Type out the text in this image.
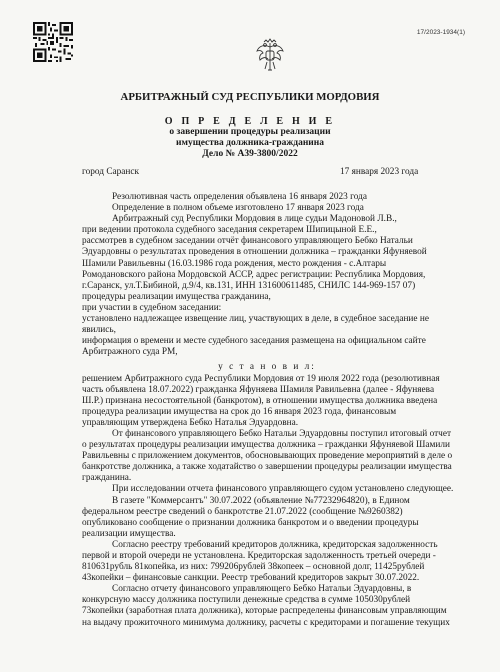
17/2023-1934(1)
АРБИТРАЖНЫЙ СУД РЕСПУБЛИКИ МОРДОВИЯ
О П Р Е Д Е Л Е Н И Е
о завершении процедуры реализации
имущества должника-гражданина
Дело № А39-3800/2022
город Саранск	17 января 2023 года
Резолютивная часть определения объявлена 16 января 2023 года
Определение в полном объеме изготовлено 17 января 2023 года
Арбитражный суд Республики Мордовия в лице судьи Мадоновой Л.В.,
при ведении протокола судебного заседания секретарем Шипицыной Е.Е.,
рассмотрев в судебном заседании отчёт финансового управляющего Бебко Натальи
Эдуардовны о результатах проведения в отношении должника – гражданки Яфуняевой
Шамили Равильевны (16.03.1986 года рождения, место рождения - с.Алтары
Ромодановского района Мордовской АССР, адрес регистрации: Республика Мордовия,
г.Саранск, ул.Т.Бибиной, д.9/4, кв.131, ИНН 131600611485, СНИЛС 144-969-157 07)
процедуры реализации имущества гражданина,
при участии в судебном заседании:
установлено надлежащее извещение лиц, участвующих в деле, в судебное заседание не
явились,
информация о времени и месте судебного заседания размещена на официальном сайте
Арбитражного суда РМ,
у с т а н о в и л:
решением Арбитражного суда Республики Мордовия от 19 июля 2022 года (резолютивная
часть объявлена 18.07.2022) гражданка Яфуняева Шамиля Равильевна (далее - Яфуняева
Ш.Р.) признана несостоятельной (банкротом), в отношении имущества должника введена
процедура реализации имущества на срок до 16 января 2023 года, финансовым
управляющим утверждена Бебко Наталья Эдуардовна.
От финансового управляющего Бебко Натальи Эдуардовны поступил итоговый отчет
о результатах процедуры реализации имущества должника – гражданки Яфуняевой Шамили
Равильевны с приложением документов, обосновывающих проведение мероприятий в деле о
банкротстве должника, а также ходатайство о завершении процедуры реализации имущества
гражданина.
При исследовании отчета финансового управляющего судом установлено следующее.
В газете "Коммерсантъ" 30.07.2022 (объявление №77232964820), в Едином
федеральном реестре сведений о банкротстве 21.07.2022 (сообщение №9260382)
опубликовано сообщение о признании должника банкротом и о введении процедуры
реализации имущества.
Согласно реестру требований кредиторов должника, кредиторская задолженность
первой и второй очереди не установлена. Кредиторская задолженность третьей очереди -
810631рубль 81копейка, из них: 799206рублей 38копеек – основной долг, 11425рублей
43копейки – финансовые санкции. Реестр требований кредиторов закрыт 30.07.2022.
Согласно отчету финансового управляющего Бебко Натальи Эдуардовны, в
конкурсную массу должника поступили денежные средства в сумме 105030рублей
73копейки (заработная плата должника), которые распределены финансовым управляющим
на выдачу прожиточного минимума должнику, расчеты с кредиторами и погашение текущих
